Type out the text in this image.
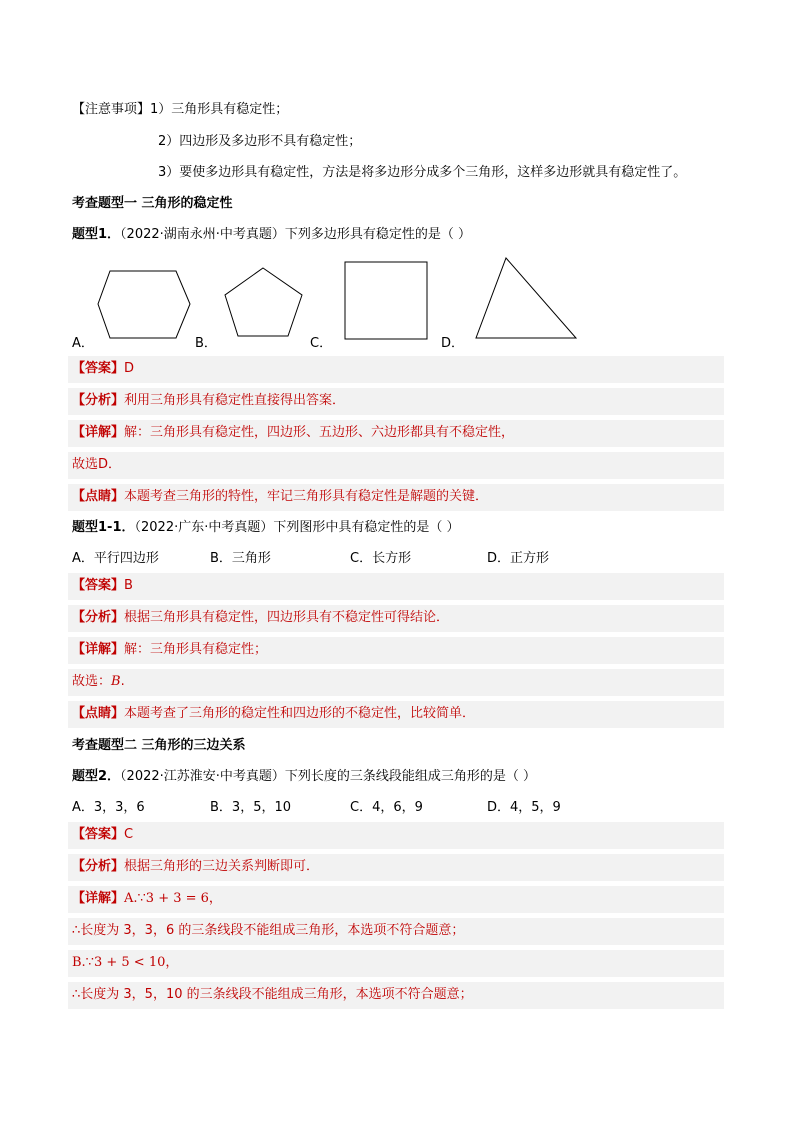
【注意事项】1）三角形具有稳定性；
2）四边形及多边形不具有稳定性；
3）要使多边形具有稳定性，方法是将多边形分成多个三角形，这样多边形就具有稳定性了。
考查题型一 三角形的稳定性
题型1．（2022·湖南永州·中考真题）下列多边形具有稳定性的是（ ）
A．	B．	C．	D．
【答案】D
【分析】利用三角形具有稳定性直接得出答案．
【详解】解：三角形具有稳定性，四边形、五边形、六边形都具有不稳定性，
故选D．
【点睛】本题考查三角形的特性，牢记三角形具有稳定性是解题的关键．
题型1-1．（2022·广东·中考真题）下列图形中具有稳定性的是（ ）
A．平行四边形	B．三角形	C．长方形	D．正方形
【答案】B
【分析】根据三角形具有稳定性，四边形具有不稳定性可得结论．
【详解】解：三角形具有稳定性；
故选：B.
【点睛】本题考查了三角形的稳定性和四边形的不稳定性，比较简单．
考查题型二 三角形的三边关系
题型2．（2022·江苏淮安·中考真题）下列长度的三条线段能组成三角形的是（ ）
A．3，3，6	B．3，5，10	C．4，6，9	D．4，5，9
【答案】C
【分析】根据三角形的三边关系判断即可．
【详解】A.∵3 + 3 = 6，
∴长度为 3，3，6 的三条线段不能组成三角形，本选项不符合题意；
B.∵3 + 5 < 10，
∴长度为 3，5，10 的三条线段不能组成三角形，本选项不符合题意；
